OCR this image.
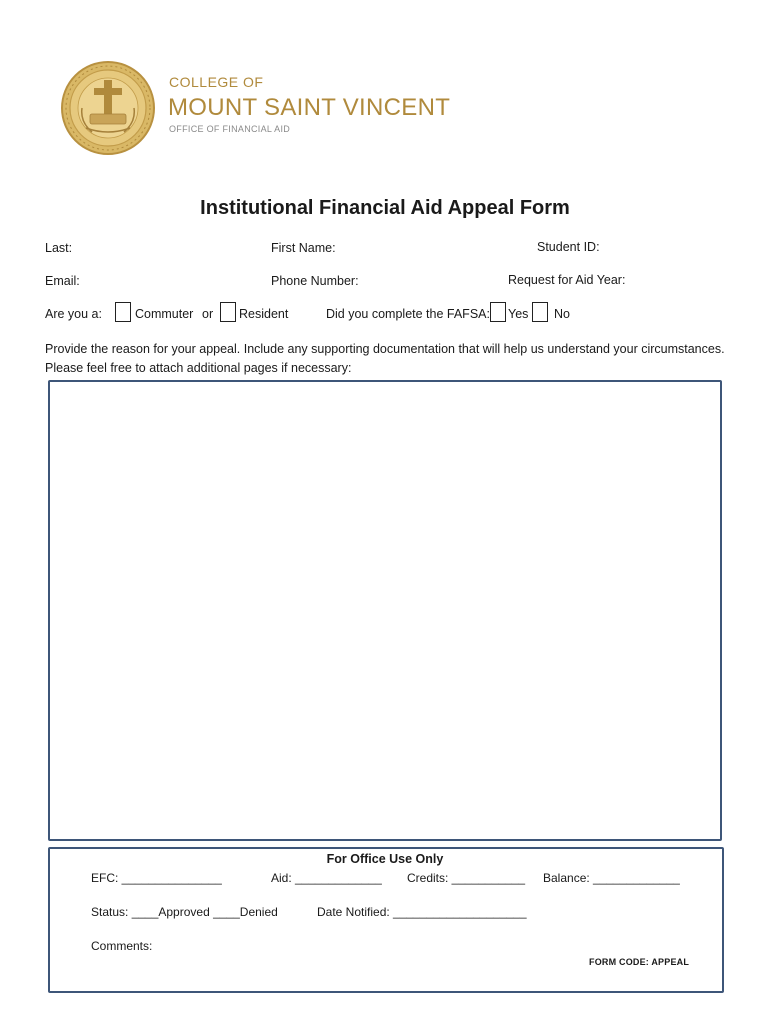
COLLEGE OF
MOUNT SAINT VINCENT
OFFICE OF FINANCIAL AID
Institutional Financial Aid Appeal Form
Last:	First Name:	Student ID:
Email:	Phone Number:	Request for Aid Year:
Are you a:	Commuter or Resident	Did you complete the FAFSA: Yes No
Provide the reason for your appeal. Include any supporting documentation that will help us understand your circumstances. Please feel free to attach additional pages if necessary:
For Office Use Only
EFC: _______________	Aid: _____________ Credits: ___________ Balance: _____________
Status: ____Approved ____Denied	Date Notified: ____________________
Comments:
FORM CODE: APPEAL
